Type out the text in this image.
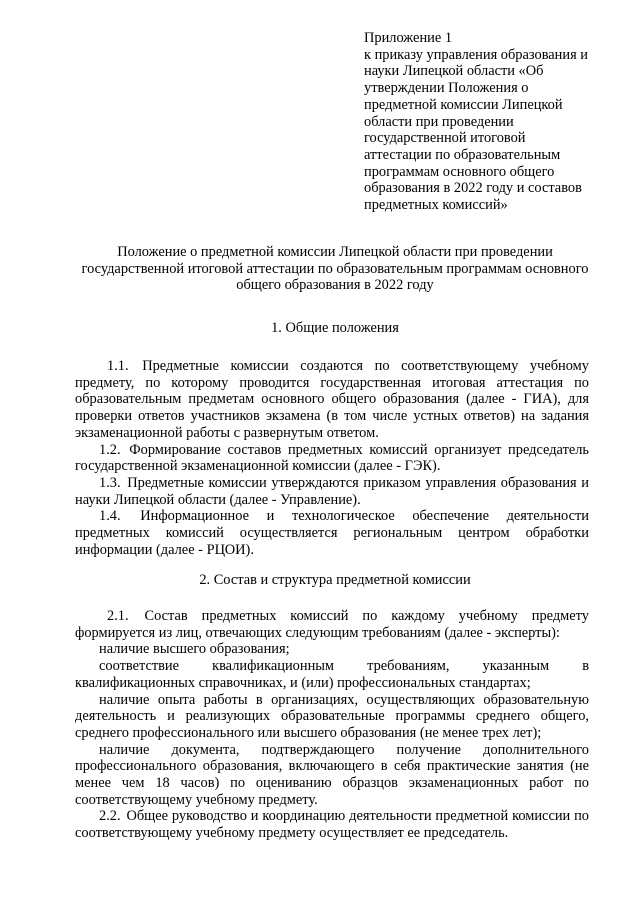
Приложение 1
к приказу управления образования и
науки Липецкой области «Об
утверждении Положения о
предметной комиссии Липецкой
области при проведении
государственной итоговой
аттестации по образовательным
программам основного общего
образования в 2022 году и составов
предметных комиссий»
Положение о предметной комиссии Липецкой области при проведении государственной итоговой аттестации по образовательным программам основного общего образования в 2022 году
1. Общие положения

1.1. Предметные комиссии создаются по соответствующему учебному предмету, по которому проводится государственная итоговая аттестация по образовательным предметам основного общего образования (далее - ГИА), для проверки ответов участников экзамена (в том числе устных ответов) на задания экзаменационной работы с развернутым ответом.

1.2. Формирование составов предметных комиссий организует председатель государственной экзаменационной комиссии (далее - ГЭК).

1.3. Предметные комиссии утверждаются приказом управления образования и науки Липецкой области (далее - Управление).

1.4. Информационное и технологическое обеспечение деятельности предметных комиссий осуществляется региональным центром обработки информации (далее - РЦОИ).

2. Состав и структура предметной комиссии

2.1. Состав предметных комиссий по каждому учебному предмету формируется из лиц, отвечающих следующим требованиям (далее - эксперты):

наличие высшего образования;

соответствие квалификационным требованиям, указанным в квалификационных справочниках, и (или) профессиональных стандартах;

наличие опыта работы в организациях, осуществляющих образовательную деятельность и реализующих образовательные программы среднего общего, среднего профессионального или высшего образования (не менее трех лет);

наличие документа, подтверждающего получение дополнительного профессионального образования, включающего в себя практические занятия (не менее чем 18 часов) по оцениванию образцов экзаменационных работ по соответствующему учебному предмету.

2.2. Общее руководство и координацию деятельности предметной комиссии по соответствующему учебному предмету осуществляет ее председатель.
